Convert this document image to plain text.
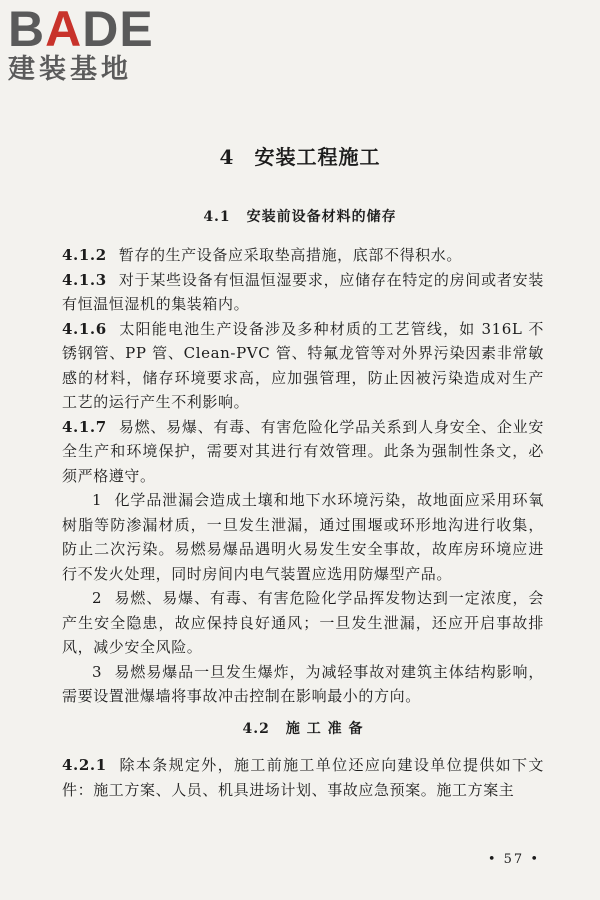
BADE
建装基地
4 安装工程施工
4.1 安装前设备材料的储存

4.1.2 暂存的生产设备应采取垫高措施，底部不得积水。

4.1.3 对于某些设备有恒温恒湿要求，应储存在特定的房间或者安装有恒温恒湿机的集装箱内。

4.1.6 太阳能电池生产设备涉及多种材质的工艺管线，如 316L 不锈钢管、PP 管、Clean-PVC 管、特氟龙管等对外界污染因素非常敏感的材料，储存环境要求高，应加强管理，防止因被污染造成对生产工艺的运行产生不利影响。

4.1.7 易燃、易爆、有毒、有害危险化学品关系到人身安全、企业安全生产和环境保护，需要对其进行有效管理。此条为强制性条文，必须严格遵守。

1 化学品泄漏会造成土壤和地下水环境污染，故地面应采用环氧树脂等防渗漏材质，一旦发生泄漏，通过围堰或环形地沟进行收集，防止二次污染。易燃易爆品遇明火易发生安全事故，故库房环境应进行不发火处理，同时房间内电气装置应选用防爆型产品。

2 易燃、易爆、有毒、有害危险化学品挥发物达到一定浓度，会产生安全隐患，故应保持良好通风；一旦发生泄漏，还应开启事故排风，减少安全风险。

3 易燃易爆品一旦发生爆炸，为减轻事故对建筑主体结构影响，需要设置泄爆墙将事故冲击控制在影响最小的方向。

4.2 施 工 准 备

4.2.1 除本条规定外，施工前施工单位还应向建设单位提供如下文件：施工方案、人员、机具进场计划、事故应急预案。施工方案主

• 57 •
